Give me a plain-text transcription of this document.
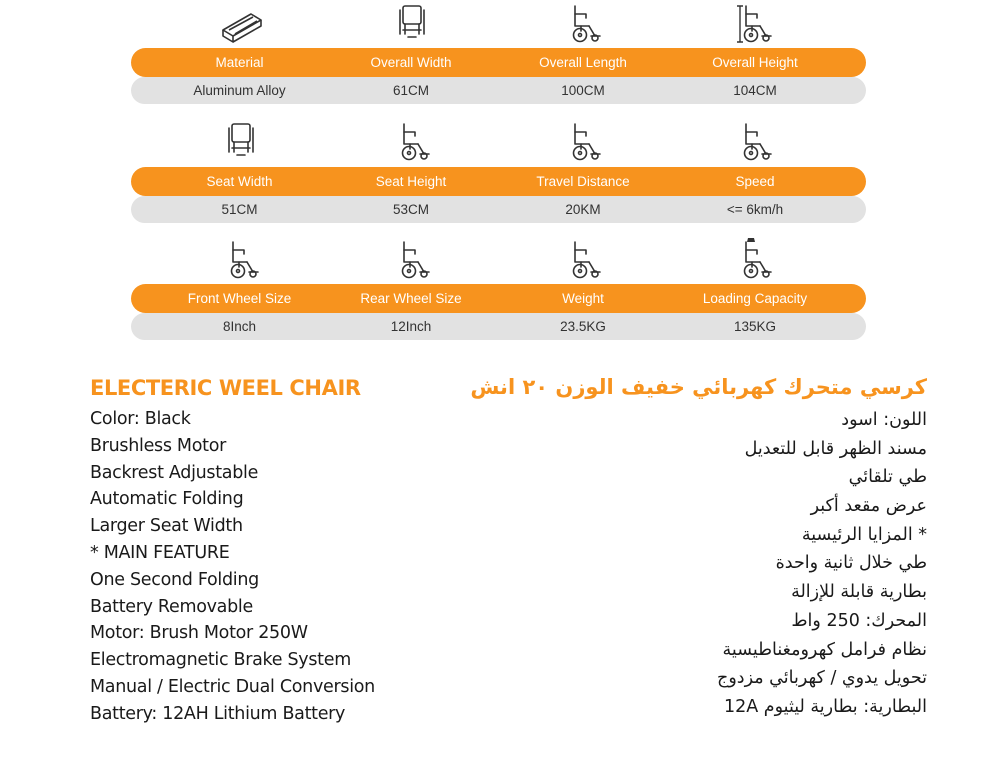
Material	Overall Width	Overall Length	Overall Height
Aluminum Alloy	61CM	100CM	104CM
Seat Width	Seat Height	Travel Distance	Speed
51CM	53CM	20KM	<= 6km/h
Front Wheel Size	Rear Wheel Size	Weight	Loading Capacity
8Inch	12Inch	23.5KG	135KG
ELECTERIC WEEL CHAIR
Color: Black
Brushless Motor
Backrest Adjustable
Automatic Folding
Larger Seat Width
* MAIN FEATURE
One Second Folding
Battery Removable
Motor: Brush Motor 250W
Electromagnetic Brake System
Manual / Electric Dual Conversion
Battery: 12AH Lithium Battery
كرسي متحرك كهربائي خفيف الوزن ٢٠ انش
اللون: اسود
مسند الظهر قابل للتعديل
طي تلقائي
عرض مقعد أكبر
* المزايا الرئيسية
طي خلال ثانية واحدة
بطارية قابلة للإزالة
المحرك: 250 واط
نظام فرامل كهرومغناطيسية
تحويل يدوي / كهربائي مزدوج
البطارية: بطارية ليثيوم 12A
